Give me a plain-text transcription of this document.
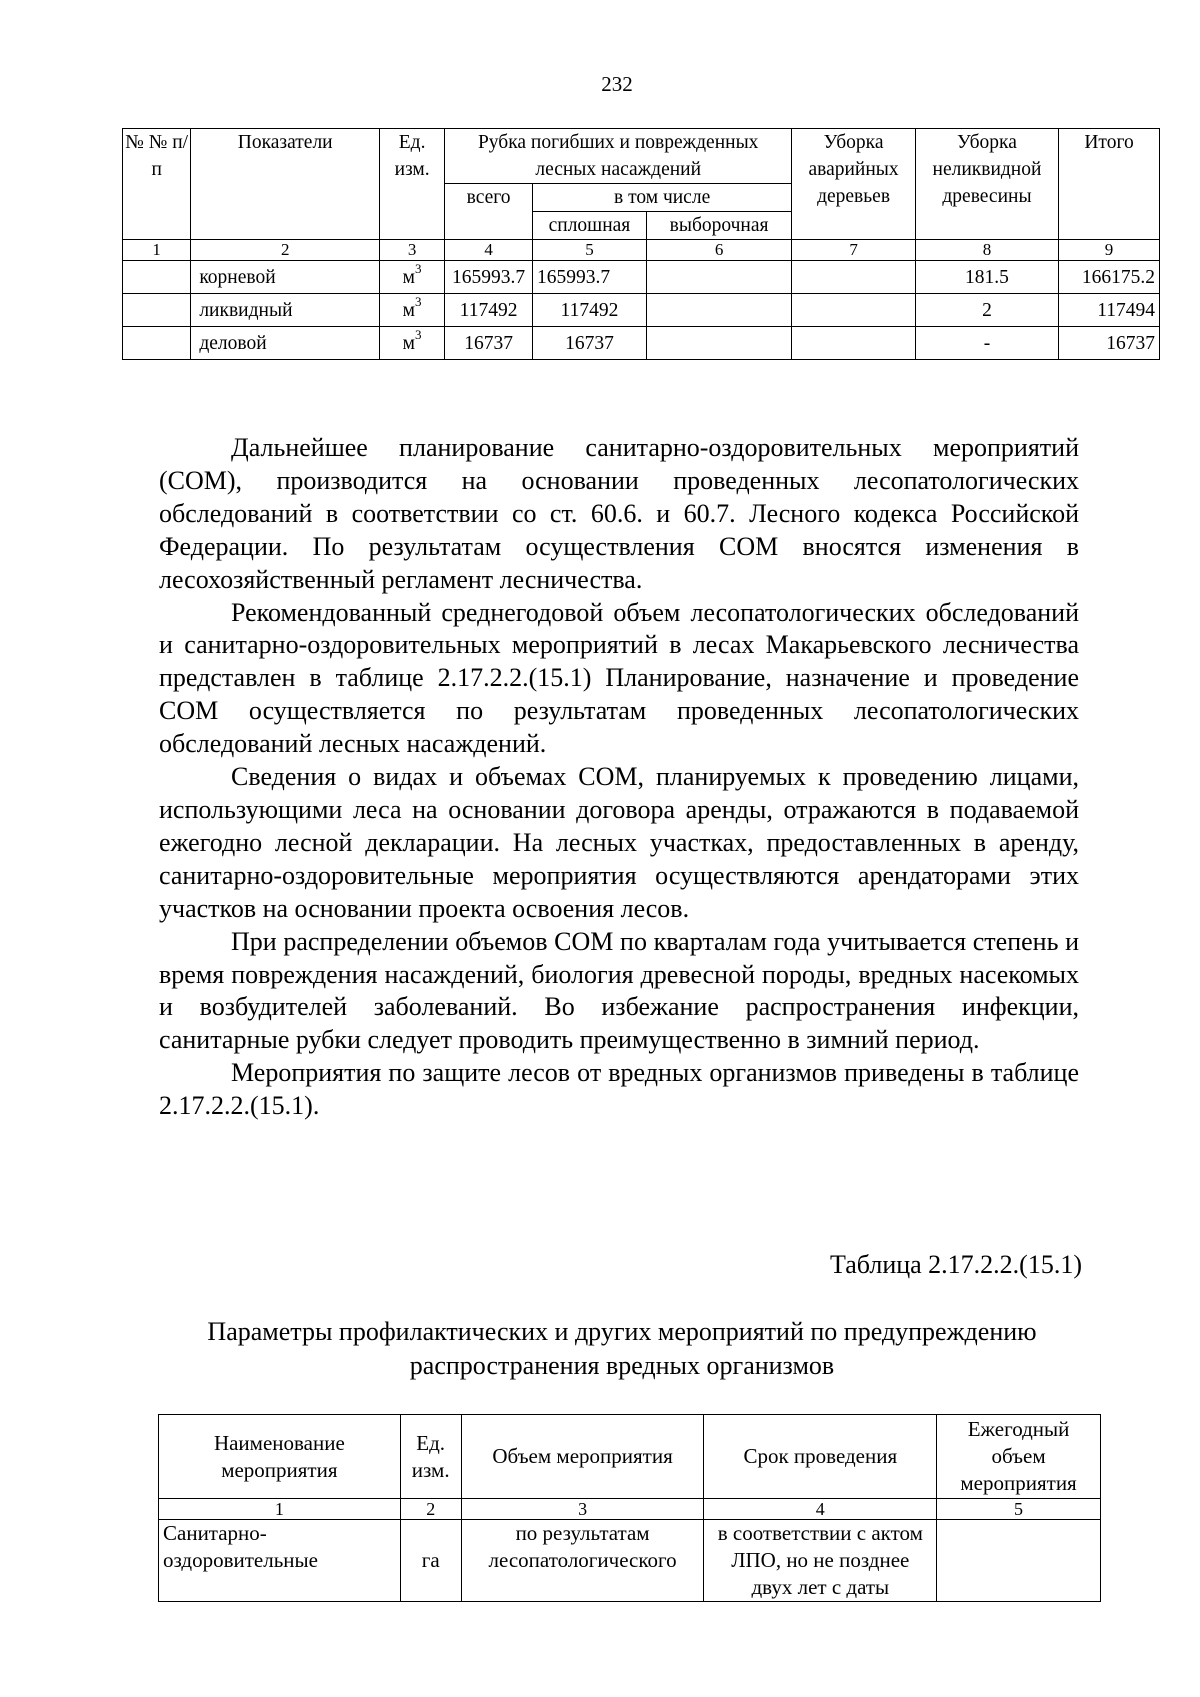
232
№ № п/п	Показатели	Ед. изм.	Рубка погибших и поврежденных лесных насаждений			Уборка аварийных деревьев	Уборка неликвидной древесины	Итого
			всего	в том числе				
				сплошная	выборочная			
1	2	3	4	5	6	7	8	9
	корневой	$м^3$	165993.7	165993.7			181.5	166175.2
	ликвидный	$м^3$	117492	117492			2	117494
	деловой	$м^3$	16737	16737			-	16737

Дальнейшее планирование санитарно-оздоровительных мероприятий (СОМ), производится на основании проведенных лесопатологических обследований в соответствии со ст. 60.6. и 60.7. Лесного кодекса Российской Федерации. По результатам осуществления СОМ вносятся изменения в лесохозяйственный регламент лесничества.

Рекомендованный среднегодовой объем лесопатологических обследований и санитарно-оздоровительных мероприятий в лесах Макарьевского лесничества представлен в таблице 2.17.2.2.(15.1) Планирование, назначение и проведение СОМ осуществляется по результатам проведенных лесопатологических обследований лесных насаждений.

Сведения о видах и объемах СОМ, планируемых к проведению лицами, использующими леса на основании договора аренды, отражаются в подаваемой ежегодно лесной декларации. На лесных участках, предоставленных в аренду, санитарно-оздоровительные мероприятия осуществляются арендаторами этих участков на основании проекта освоения лесов.

При распределении объемов СОМ по кварталам года учитывается степень и время повреждения насаждений, биология древесной породы, вредных насекомых и возбудителей заболеваний. Во избежание распространения инфекции, санитарные рубки следует проводить преимущественно в зимний период.

Мероприятия по защите лесов от вредных организмов приведены в таблице 2.17.2.2.(15.1).

Таблица 2.17.2.2.(15.1)
Параметры профилактических и других мероприятий по предупреждению
распространения вредных организмов
Наименование мероприятия	Ед. изм.	Объем мероприятия	Срок проведения	Ежегодный объем мероприятия
1	2	3	4	5
Санитарно- оздоровительные	га	по результатам лесопатологического	в соответствии с актом ЛПО, но не позднее двух лет с даты	
